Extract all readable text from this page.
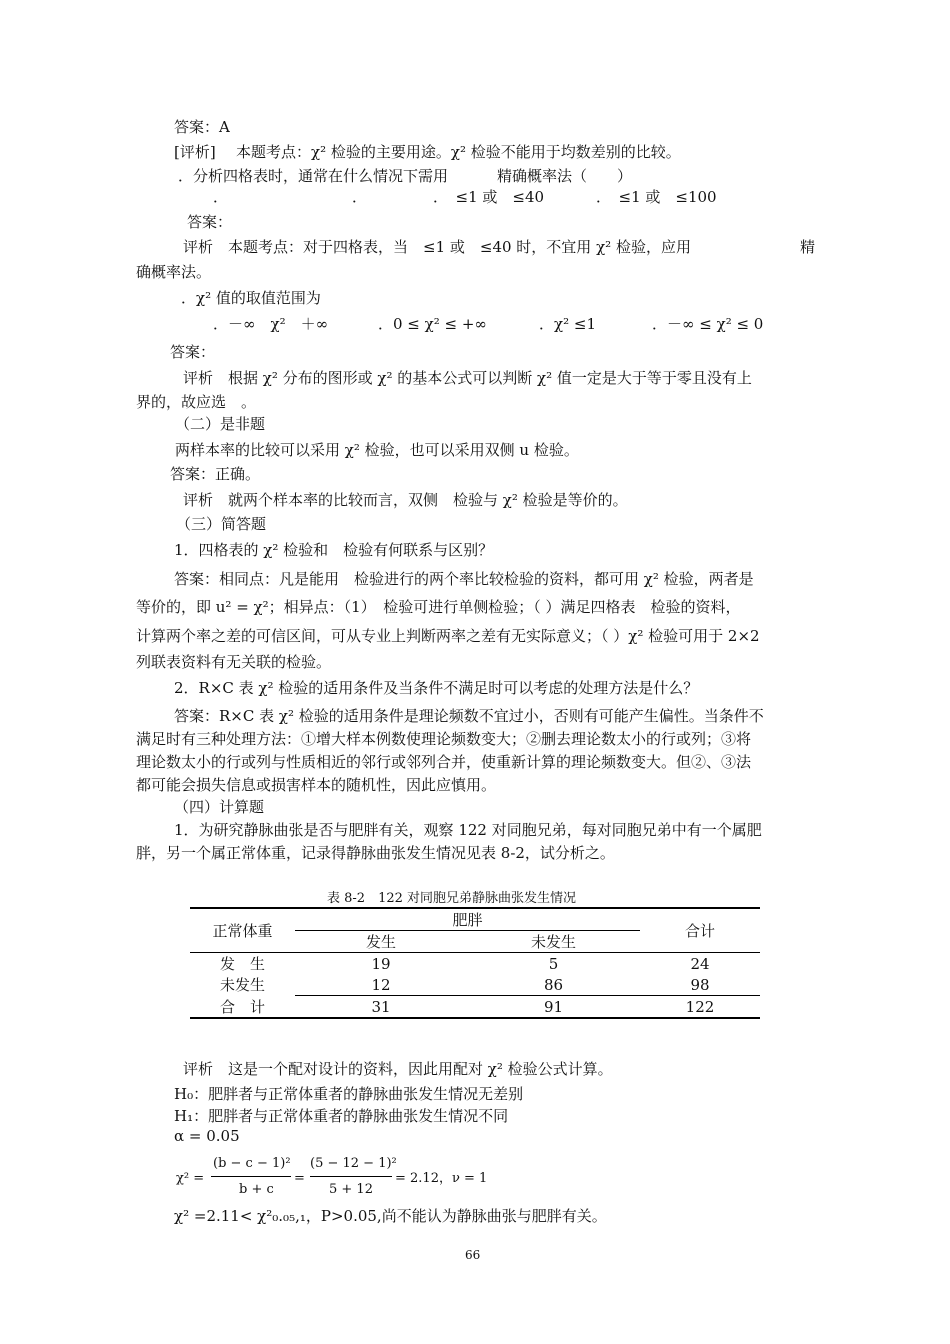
答案：A
[评析] 本题考点：χ² 检验的主要用途。χ² 检验不能用于均数差别的比较。
．分析四格表时，通常在什么情况下需用	精确概率法（　　）
．	．	．　≤1 或　≤40	．　≤1 或　≤100
答案：
评析　本题考点：对于四格表，当　≤1 或　≤40 时，不宜用 χ² 检验，应用	精
确概率法。
．χ² 值的取值范围为
．－∞　χ²　＋∞	．0 ≤ χ² ≤ +∞	．χ² ≤1	．－∞ ≤ χ² ≤ 0
答案：
评析　根据 χ² 分布的图形或 χ² 的基本公式可以判断 χ² 值一定是大于等于零且没有上
界的，故应选　。
（二）是非题
两样本率的比较可以采用 χ² 检验，也可以采用双侧 u 检验。
答案：正确。
评析　就两个样本率的比较而言，双侧　检验与 χ² 检验是等价的。
（三）简答题
1．四格表的 χ² 检验和　检验有何联系与区别？
答案：相同点：凡是能用　检验进行的两个率比较检验的资料，都可用 χ² 检验，两者是
等价的，即 u² = χ²；相异点：（1）　检验可进行单侧检验；（ ）满足四格表　检验的资料，
计算两个率之差的可信区间，可从专业上判断两率之差有无实际意义；（ ）χ² 检验可用于 2×2
列联表资料有无关联的检验。
2．R×C 表 χ² 检验的适用条件及当条件不满足时可以考虑的处理方法是什么？
答案：R×C 表 χ² 检验的适用条件是理论频数不宜过小，否则有可能产生偏性。当条件不
满足时有三种处理方法：①增大样本例数使理论频数变大；②删去理论数太小的行或列；③将
理论数太小的行或列与性质相近的邻行或邻列合并，使重新计算的理论频数变大。但②、③法
都可能会损失信息或损害样本的随机性，因此应慎用。
（四）计算题
1．为研究静脉曲张是否与肥胖有关，观察 122 对同胞兄弟，每对同胞兄弟中有一个属肥
胖，另一个属正常体重，记录得静脉曲张发生情况见表 8-2，试分析之。
表 8-2　122 对同胞兄弟静脉曲张发生情况
正常体重	肥胖		合计
	发生	未发生	
发　生	19	5	24
未发生	12	86	98
合　计	31	91	122
评析　这是一个配对设计的资料，因此用配对 χ² 检验公式计算。
H₀：肥胖者与正常体重者的静脉曲张发生情况无差别
H₁：肥胖者与正常体重者的静脉曲张发生情况不同
α = 0.05
χ² =
(b − c − 1)²
b + c
=
(5 − 12 − 1)²
5 + 12
= 2.12，ν = 1
χ² =2.11< χ²₀.₀₅,₁，P>0.05,尚不能认为静脉曲张与肥胖有关。
66
